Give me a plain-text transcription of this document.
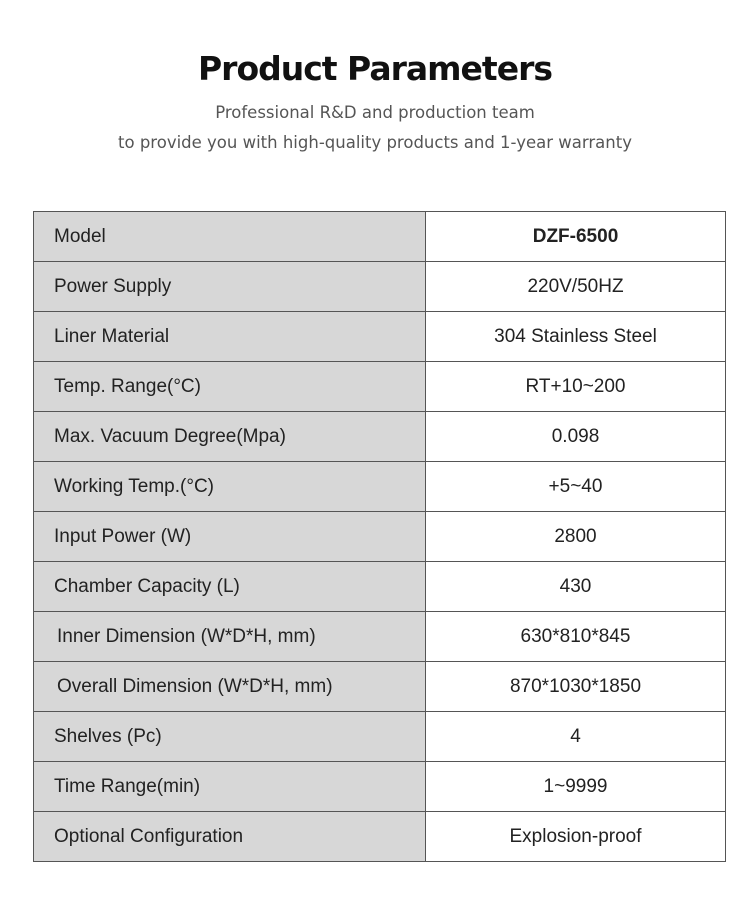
Product Parameters
Professional R&D and production team
to provide you with high-quality products and 1-year warranty
Model	DZF-6500
Power Supply	220V/50HZ
Liner Material	304 Stainless Steel
Temp. Range(°C)	RT+10~200
Max. Vacuum Degree(Mpa)	0.098
Working Temp.(°C)	+5~40
Input Power (W)	2800
Chamber Capacity (L)	430
Inner Dimension (W*D*H, mm)	630*810*845
Overall Dimension (W*D*H, mm)	870*1030*1850
Shelves (Pc)	4
Time Range(min)	1~9999
Optional Configuration	Explosion-proof
